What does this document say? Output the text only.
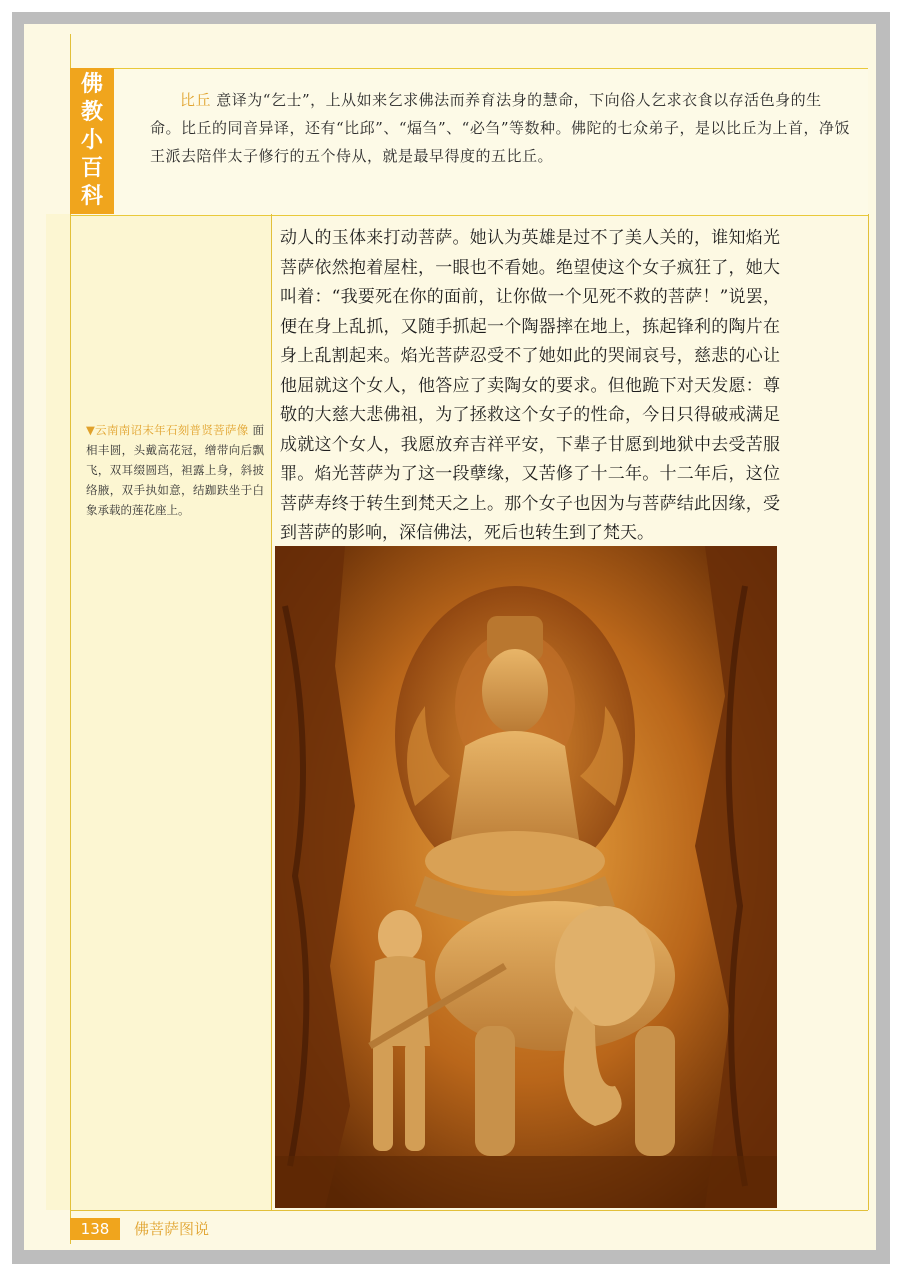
佛
教
小
百
科
比丘 意译为“乞士”，上从如来乞求佛法而养育法身的慧命，下向俗人乞求衣食以存活色身的生命。比丘的同音异译，还有“比邱”、“煏刍”、“必刍”等数种。佛陀的七众弟子，是以比丘为上首，净饭王派去陪伴太子修行的五个侍从，就是最早得度的五比丘。
动人的玉体来打动菩萨。她认为英雄是过不了美人关的，谁知焰光菩萨依然抱着屋柱，一眼也不看她。绝望使这个女子疯狂了，她大叫着：“我要死在你的面前，让你做一个见死不救的菩萨！”说罢，便在身上乱抓，又随手抓起一个陶器摔在地上，拣起锋利的陶片在身上乱割起来。焰光菩萨忍受不了她如此的哭闹哀号，慈悲的心让他屈就这个女人，他答应了卖陶女的要求。但他跪下对天发愿：尊敬的大慈大悲佛祖，为了拯救这个女子的性命，今日只得破戒满足成就这个女人，我愿放弃吉祥平安，下辈子甘愿到地狱中去受苦服罪。焰光菩萨为了这一段孽缘，又苦修了十二年。十二年后，这位菩萨寿终于转生到梵天之上。那个女子也因为与菩萨结此因缘，受到菩萨的影响，深信佛法，死后也转生到了梵天。
▼云南南诏末年石刻普贤菩萨像 面相丰圆，头戴高花冠，缯带向后飘飞，双耳缀圆珰，袒露上身，斜披络腋，双手执如意，结跏趺坐于白象承载的莲花座上。
138	佛菩萨图说
